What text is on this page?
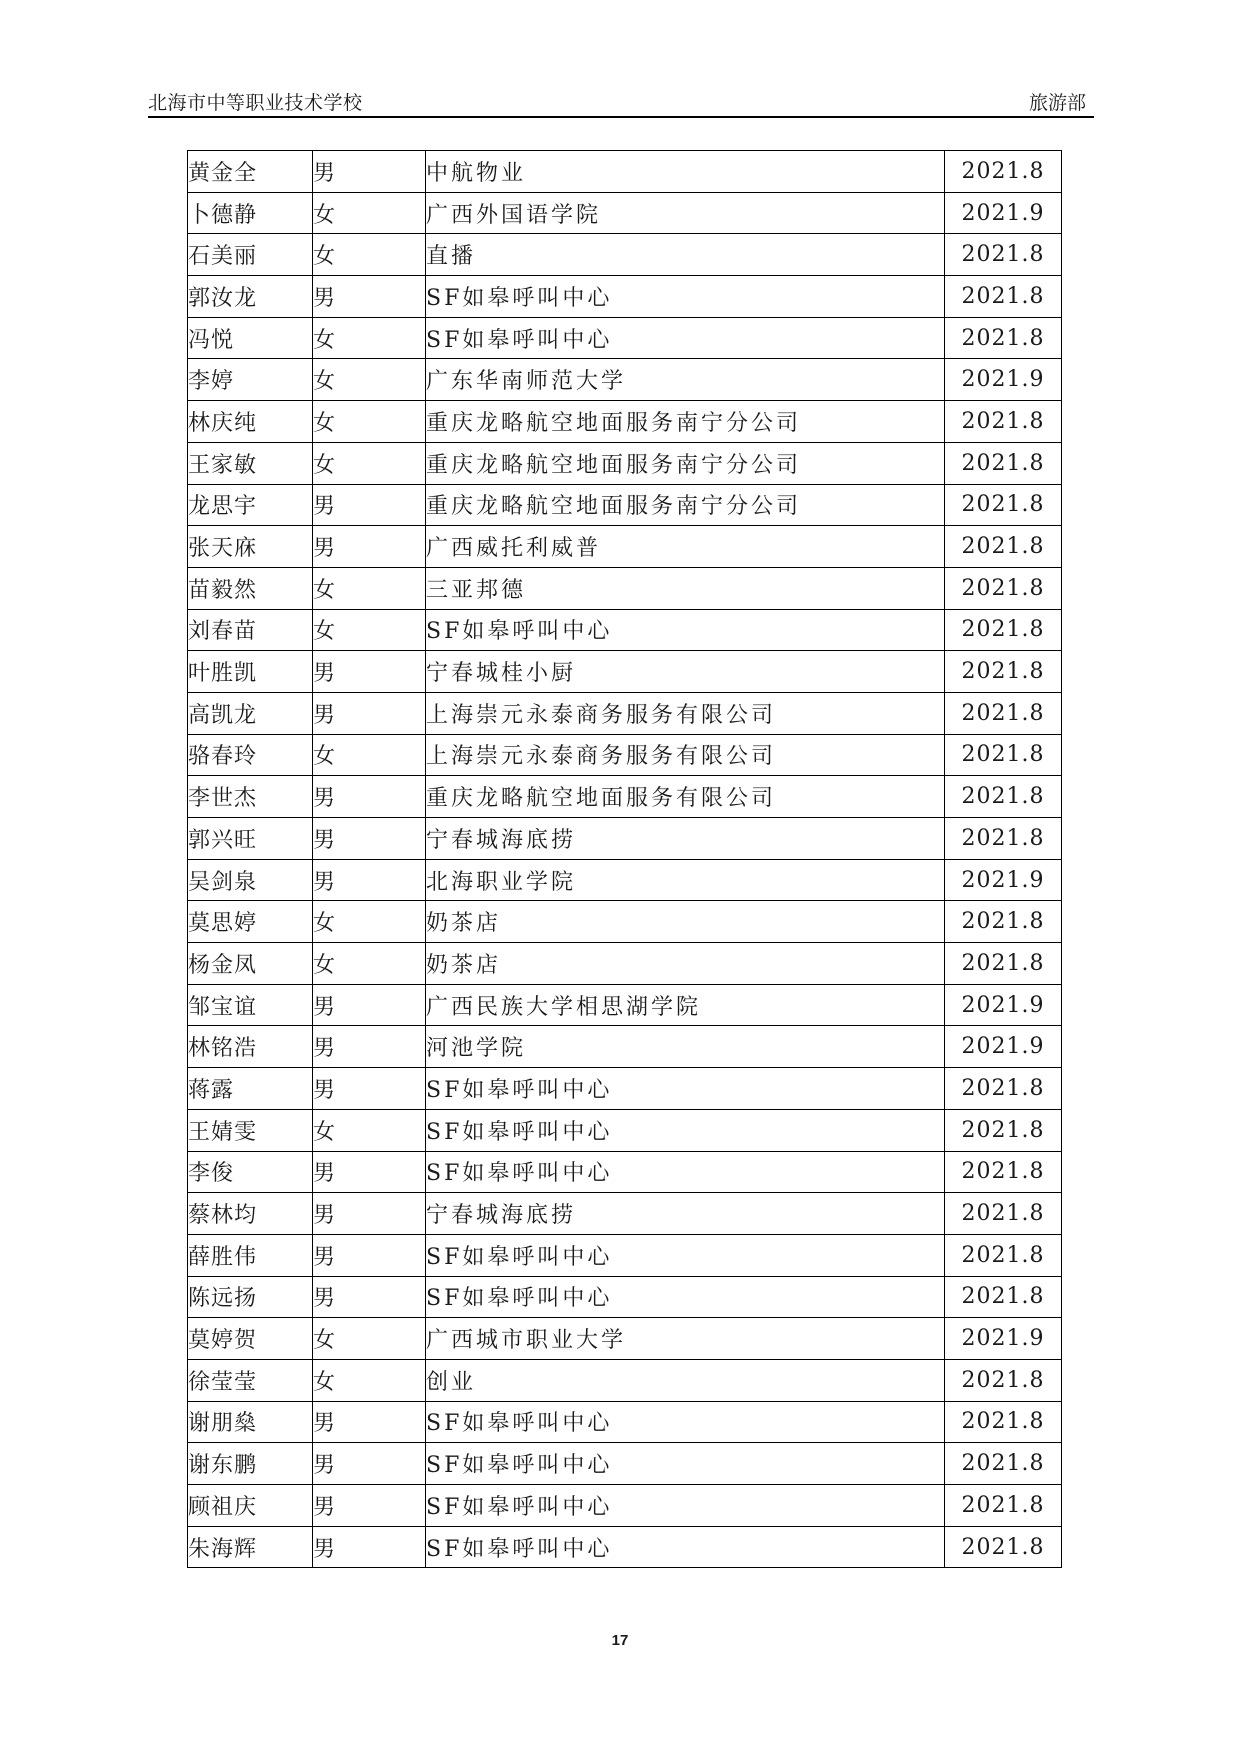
北海市中等职业技术学校	旅游部
黄金全	男	中航物业	2021.8
卜德静	女	广西外国语学院	2021.9
石美丽	女	直播	2021.8
郭汝龙	男	SF如皋呼叫中心	2021.8
冯悦	女	SF如皋呼叫中心	2021.8
李婷	女	广东华南师范大学	2021.9
林庆纯	女	重庆龙略航空地面服务南宁分公司	2021.8
王家敏	女	重庆龙略航空地面服务南宁分公司	2021.8
龙思宇	男	重庆龙略航空地面服务南宁分公司	2021.8
张天庥	男	广西威托利威普	2021.8
苗毅然	女	三亚邦德	2021.8
刘春苗	女	SF如皋呼叫中心	2021.8
叶胜凯	男	宁春城桂小厨	2021.8
高凯龙	男	上海崇元永泰商务服务有限公司	2021.8
骆春玲	女	上海崇元永泰商务服务有限公司	2021.8
李世杰	男	重庆龙略航空地面服务有限公司	2021.8
郭兴旺	男	宁春城海底捞	2021.8
吴剑泉	男	北海职业学院	2021.9
莫思婷	女	奶茶店	2021.8
杨金凤	女	奶茶店	2021.8
邹宝谊	男	广西民族大学相思湖学院	2021.9
林铭浩	男	河池学院	2021.9
蒋露	男	SF如皋呼叫中心	2021.8
王婧雯	女	SF如皋呼叫中心	2021.8
李俊	男	SF如皋呼叫中心	2021.8
蔡林均	男	宁春城海底捞	2021.8
薛胜伟	男	SF如皋呼叫中心	2021.8
陈远扬	男	SF如皋呼叫中心	2021.8
莫婷贺	女	广西城市职业大学	2021.9
徐莹莹	女	创业	2021.8
谢朋燊	男	SF如皋呼叫中心	2021.8
谢东鹏	男	SF如皋呼叫中心	2021.8
顾祖庆	男	SF如皋呼叫中心	2021.8
朱海辉	男	SF如皋呼叫中心	2021.8
17
